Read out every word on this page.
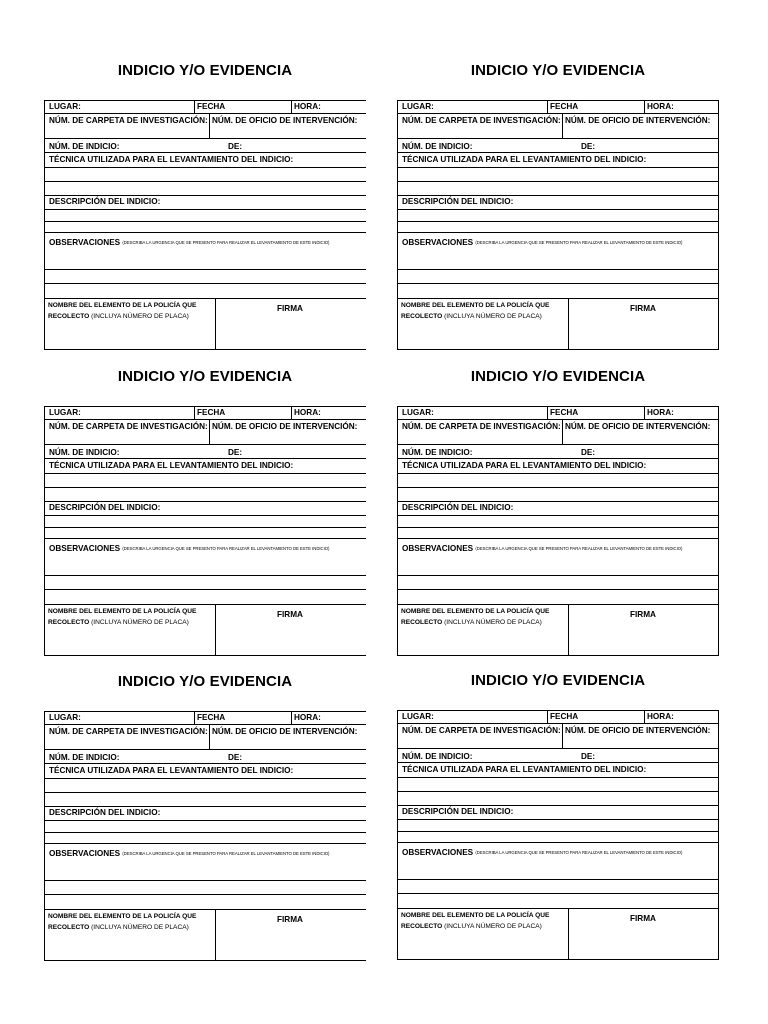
INDICIO Y/O EVIDENCIA
LUGAR:	FECHA	HORA:
NÚM. DE CARPETA DE INVESTIGACIÓN: NÚM. DE OFICIO DE INTERVENCIÓN:
NÚM. DE INDICIO:	DE:
TÉCNICA UTILIZADA PARA EL LEVANTAMIENTO DEL INDICIO:
DESCRIPCIÓN DEL INDICIO:
OBSERVACIONES (DESCRIBA LA URGENCIA QUE SE PRESENTO PARA REALIZAR EL LEVANTAMIENTO DE ESTE INDICIO)
NOMBRE DEL ELEMENTO DE LA POLICÍA QUE
RECOLECTO (INCLUYA NÚMERO DE PLACA)
FIRMA
INDICIO Y/O EVIDENCIA
LUGAR:	FECHA	HORA:
NÚM. DE CARPETA DE INVESTIGACIÓN: NÚM. DE OFICIO DE INTERVENCIÓN:
NÚM. DE INDICIO:	DE:
TÉCNICA UTILIZADA PARA EL LEVANTAMIENTO DEL INDICIO:
DESCRIPCIÓN DEL INDICIO:
OBSERVACIONES (DESCRIBA LA URGENCIA QUE SE PRESENTO PARA REALIZAR EL LEVANTAMIENTO DE ESTE INDICIO)
NOMBRE DEL ELEMENTO DE LA POLICÍA QUE
RECOLECTO (INCLUYA NÚMERO DE PLACA)
FIRMA
INDICIO Y/O EVIDENCIA
LUGAR:	FECHA	HORA:
NÚM. DE CARPETA DE INVESTIGACIÓN: NÚM. DE OFICIO DE INTERVENCIÓN:
NÚM. DE INDICIO:	DE:
TÉCNICA UTILIZADA PARA EL LEVANTAMIENTO DEL INDICIO:
DESCRIPCIÓN DEL INDICIO:
OBSERVACIONES (DESCRIBA LA URGENCIA QUE SE PRESENTO PARA REALIZAR EL LEVANTAMIENTO DE ESTE INDICIO)
NOMBRE DEL ELEMENTO DE LA POLICÍA QUE
RECOLECTO (INCLUYA NÚMERO DE PLACA)
FIRMA
INDICIO Y/O EVIDENCIA
LUGAR:	FECHA	HORA:
NÚM. DE CARPETA DE INVESTIGACIÓN: NÚM. DE OFICIO DE INTERVENCIÓN:
NÚM. DE INDICIO:	DE:
TÉCNICA UTILIZADA PARA EL LEVANTAMIENTO DEL INDICIO:
DESCRIPCIÓN DEL INDICIO:
OBSERVACIONES (DESCRIBA LA URGENCIA QUE SE PRESENTO PARA REALIZAR EL LEVANTAMIENTO DE ESTE INDICIO)
NOMBRE DEL ELEMENTO DE LA POLICÍA QUE
RECOLECTO (INCLUYA NÚMERO DE PLACA)
FIRMA
INDICIO Y/O EVIDENCIA
LUGAR:	FECHA	HORA:
NÚM. DE CARPETA DE INVESTIGACIÓN: NÚM. DE OFICIO DE INTERVENCIÓN:
NÚM. DE INDICIO:	DE:
TÉCNICA UTILIZADA PARA EL LEVANTAMIENTO DEL INDICIO:
DESCRIPCIÓN DEL INDICIO:
OBSERVACIONES (DESCRIBA LA URGENCIA QUE SE PRESENTO PARA REALIZAR EL LEVANTAMIENTO DE ESTE INDICIO)
NOMBRE DEL ELEMENTO DE LA POLICÍA QUE
RECOLECTO (INCLUYA NÚMERO DE PLACA)
FIRMA
INDICIO Y/O EVIDENCIA
LUGAR:	FECHA	HORA:
NÚM. DE CARPETA DE INVESTIGACIÓN: NÚM. DE OFICIO DE INTERVENCIÓN:
NÚM. DE INDICIO:	DE:
TÉCNICA UTILIZADA PARA EL LEVANTAMIENTO DEL INDICIO:
DESCRIPCIÓN DEL INDICIO:
OBSERVACIONES (DESCRIBA LA URGENCIA QUE SE PRESENTO PARA REALIZAR EL LEVANTAMIENTO DE ESTE INDICIO)
NOMBRE DEL ELEMENTO DE LA POLICÍA QUE
RECOLECTO (INCLUYA NÚMERO DE PLACA)
FIRMA
